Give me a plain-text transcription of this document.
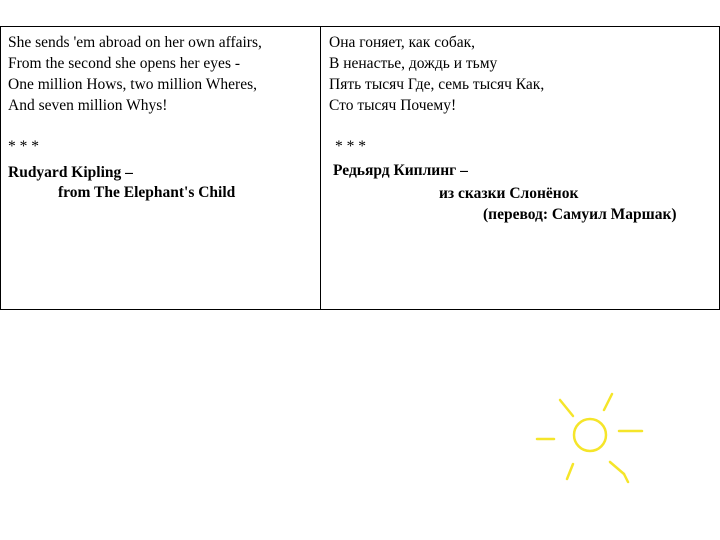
She sends 'em abroad on her own affairs,
From the second she opens her eyes -
One million Hows, two million Wheres,
And seven million Whys!
* * *
Rudyard Kipling –
from The Elephant's Child
Она гоняет, как собак,
В ненастье, дождь и тьму
Пять тысяч Где, семь тысяч Как,
Сто тысяч Почему!
* * *
Редьярд Киплинг –
из сказки Слонёнок
(перевод: Самуил Маршак)
